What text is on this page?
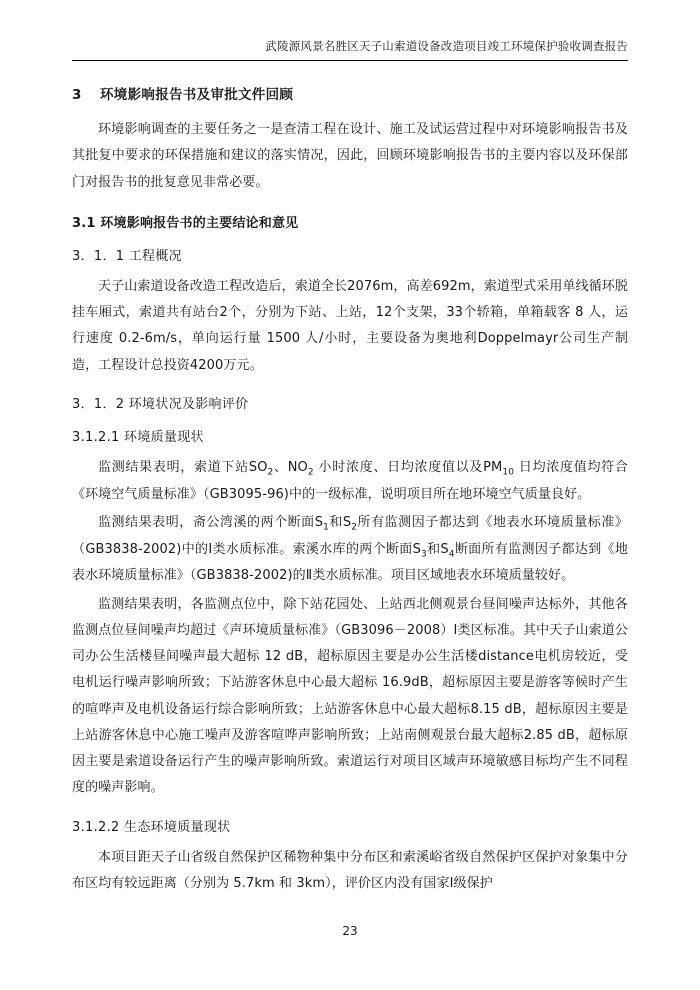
武陵源风景名胜区天子山索道设备改造项目竣工环境保护验收调查报告
3 环境影响报告书及审批文件回顾

环境影响调查的主要任务之一是查清工程在设计、施工及试运营过程中对环境影响报告书及其批复中要求的环保措施和建议的落实情况，因此，回顾环境影响报告书的主要内容以及环保部门对报告书的批复意见非常必要。

3.1 环境影响报告书的主要结论和意见
3．1．1 工程概况

天子山索道设备改造工程改造后，索道全长2076m，高差692m，索道型式采用单线循环脱挂车厢式，索道共有站台2个，分别为下站、上站，12个支架，33个轿箱，单箱载客 8 人，运行速度 0.2-6m/s，单向运行量 1500 人/小时，主要设备为奥地利Doppelmayr公司生产制造，工程设计总投资4200万元。

3．1．2 环境状况及影响评价
3.1.2.1 环境质量现状

监测结果表明，索道下站$SO_2$、$NO_2$ 小时浓度、日均浓度值以及$PM_{10}$ 日均浓度值均符合《环境空气质量标准》（GB3095-96)中的一级标准，说明项目所在地环境空气质量良好。

监测结果表明，斋公湾溪的两个断面$S_1$和$S_2$所有监测因子都达到《地表水环境质量标准》（GB3838-2002)中的Ⅰ类水质标准。索溪水库的两个断面$S_3$和$S_4$断面所有监测因子都达到《地表水环境质量标准》（GB3838-2002)的Ⅱ类水质标准。项目区域地表水环境质量较好。

监测结果表明，各监测点位中，除下站花园处、上站西北侧观景台昼间噪声达标外，其他各监测点位昼间噪声均超过《声环境质量标准》（GB3096－2008）Ⅰ类区标准。其中天子山索道公司办公生活楼昼间噪声最大超标 12 dB，超标原因主要是办公生活楼distance电机房较近，受电机运行噪声影响所致；下站游客休息中心最大超标 16.9dB，超标原因主要是游客等候时产生的喧哗声及电机设备运行综合影响所致；上站游客休息中心最大超标8.15 dB，超标原因主要是上站游客休息中心施工噪声及游客喧哗声影响所致；上站南侧观景台最大超标2.85 dB，超标原因主要是索道设备运行产生的噪声影响所致。索道运行对项目区域声环境敏感目标均产生不同程度的噪声影响。

3.1.2.2 生态环境质量现状

本项目距天子山省级自然保护区稀物种集中分布区和索溪峪省级自然保护区保护对象集中分布区均有较远距离（分别为 5.7km 和 3km），评价区内没有国家Ⅰ级保护

23
